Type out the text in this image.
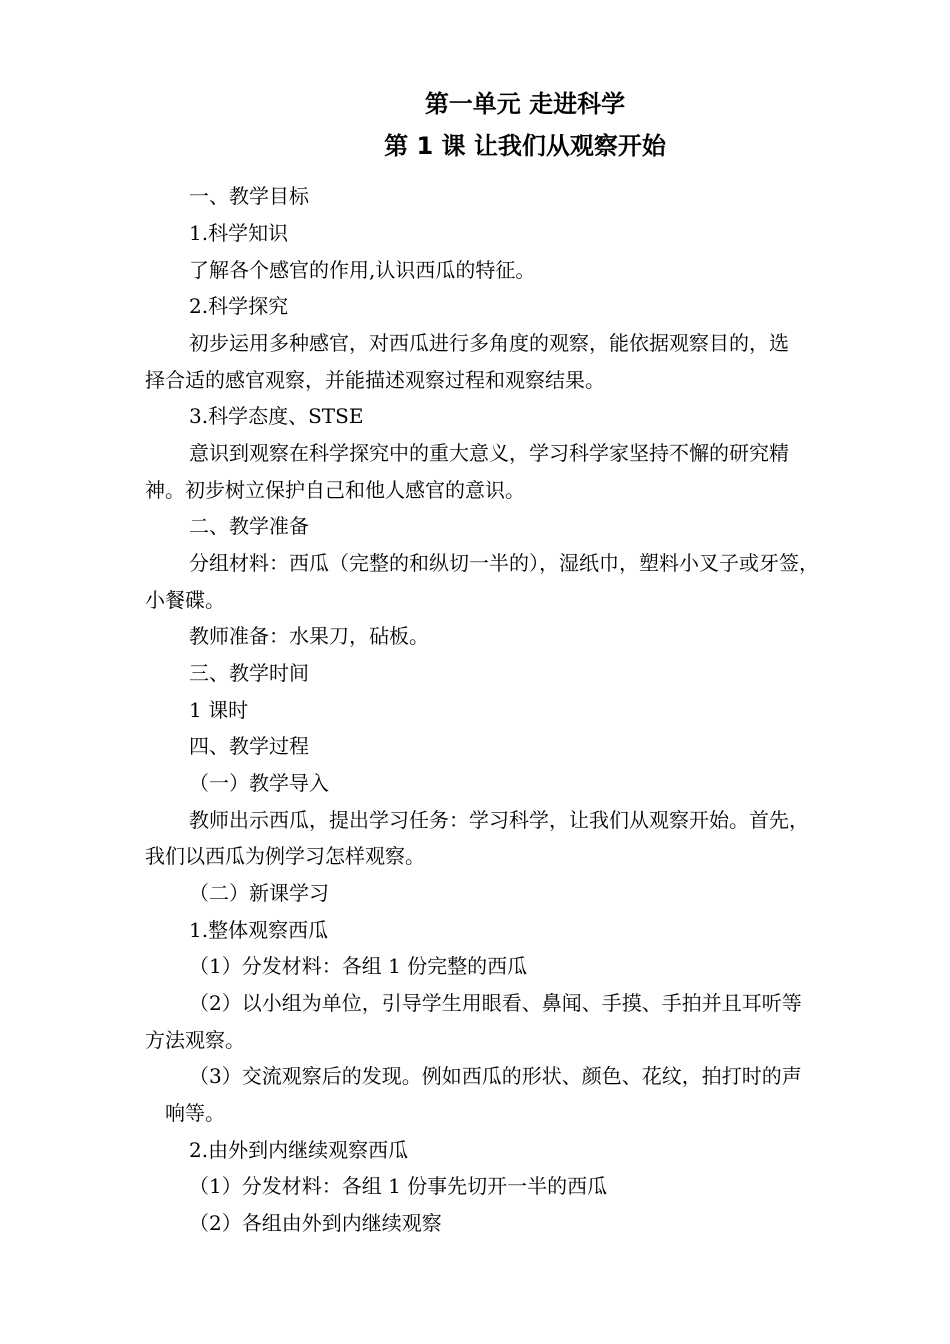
第一单元 走进科学
第 1 课 让我们从观察开始
一、教学目标
1.科学知识
了解各个感官的作用,认识西瓜的特征。
2.科学探究
初步运用多种感官，对西瓜进行多角度的观察，能依据观察目的，选
择合适的感官观察，并能描述观察过程和观察结果。
3.科学态度、STSE
意识到观察在科学探究中的重大意义，学习科学家坚持不懈的研究精
神。初步树立保护自己和他人感官的意识。
二、教学准备
分组材料：西瓜（完整的和纵切一半的），湿纸巾，塑料小叉子或牙签，
小餐碟。
教师准备：水果刀，砧板。
三、教学时间
1 课时
四、教学过程
（一）教学导入
教师出示西瓜，提出学习任务：学习科学，让我们从观察开始。首先，
我们以西瓜为例学习怎样观察。
（二）新课学习
1.整体观察西瓜
（1）分发材料：各组 1 份完整的西瓜
（2）以小组为单位，引导学生用眼看、鼻闻、手摸、手拍并且耳听等
方法观察。
（3）交流观察后的发现。例如西瓜的形状、颜色、花纹，拍打时的声
响等。
2.由外到内继续观察西瓜
（1）分发材料：各组 1 份事先切开一半的西瓜
（2）各组由外到内继续观察
